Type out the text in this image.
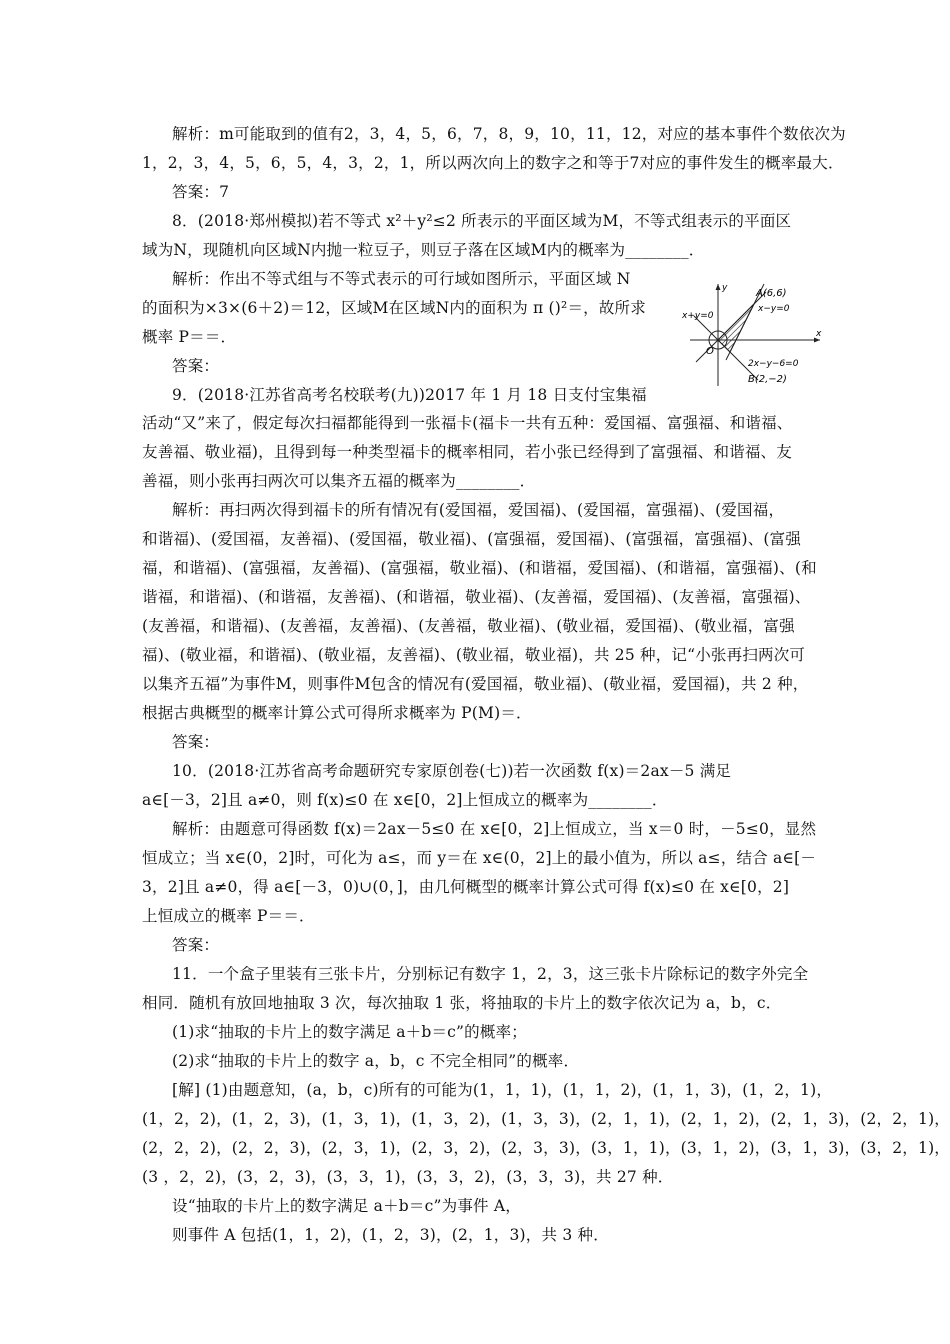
解析：m可能取到的值有2，3，4，5，6，7，8，9，10，11，12，对应的基本事件个数依次为
1，2，3，4，5，6，5，4，3，2，1，所以两次向上的数字之和等于7对应的事件发生的概率最大．
答案：7
8．(2018·郑州模拟)若不等式 x²＋y²≤2 所表示的平面区域为M，不等式组表示的平面区
域为N，现随机向区域N内抛一粒豆子，则豆子落在区域M内的概率为________．
解析：作出不等式组与不等式表示的可行域如图所示，平面区域 N
的面积为×3×(6＋2)＝12，区域M在区域N内的面积为 π ()²＝，故所求
概率 P＝＝．
答案：
9．(2018·江苏省高考名校联考(九))2017 年 1 月 18 日支付宝集福
活动“又”来了，假定每次扫福都能得到一张福卡(福卡一共有五种：爱国福、富强福、和谐福、
友善福、敬业福)，且得到每一种类型福卡的概率相同，若小张已经得到了富强福、和谐福、友
善福，则小张再扫两次可以集齐五福的概率为________．
解析：再扫两次得到福卡的所有情况有(爱国福，爱国福)、(爱国福，富强福)、(爱国福，
和谐福)、(爱国福，友善福)、(爱国福，敬业福)、(富强福，爱国福)、(富强福，富强福)、(富强
福，和谐福)、(富强福，友善福)、(富强福，敬业福)、(和谐福，爱国福)、(和谐福，富强福)、(和
谐福，和谐福)、(和谐福，友善福)、(和谐福，敬业福)、(友善福，爱国福)、(友善福，富强福)、
(友善福，和谐福)、(友善福，友善福)、(友善福，敬业福)、(敬业福，爱国福)、(敬业福，富强
福)、(敬业福，和谐福)、(敬业福，友善福)、(敬业福，敬业福)，共 25 种，记“小张再扫两次可
以集齐五福”为事件M，则事件M包含的情况有(爱国福，敬业福)、(敬业福，爱国福)，共 2 种，
根据古典概型的概率计算公式可得所求概率为 P(M)＝．
答案：
10．(2018·江苏省高考命题研究专家原创卷(七))若一次函数 f(x)＝2ax－5 满足
a∈[－3，2]且 a≠0，则 f(x)≤0 在 x∈[0，2]上恒成立的概率为________．
解析：由题意可得函数 f(x)＝2ax－5≤0 在 x∈[0，2]上恒成立，当 x＝0 时，－5≤0，显然
恒成立；当 x∈(0，2]时，可化为 a≤，而 y＝在 x∈(0，2]上的最小值为，所以 a≤，结合 a∈[－
3，2]且 a≠0，得 a∈[－3，0)∪(0，]，由几何概型的概率计算公式可得 f(x)≤0 在 x∈[0，2]
上恒成立的概率 P＝＝．
答案：
11．一个盒子里装有三张卡片，分别标记有数字 1，2，3，这三张卡片除标记的数字外完全
相同．随机有放回地抽取 3 次，每次抽取 1 张，将抽取的卡片上的数字依次记为 a，b，c．
(1)求“抽取的卡片上的数字满足 a＋b＝c”的概率；
(2)求“抽取的卡片上的数字 a，b，c 不完全相同”的概率．
[解] (1)由题意知，(a，b，c)所有的可能为(1，1，1)，(1，1，2)，(1，1，3)，(1，2，1)，
(1，2，2)，(1，2，3)，(1，3，1)，(1，3，2)，(1，3，3)，(2，1，1)，(2，1，2)，(2，1，3)，(2，2，1)，
(2，2，2)，(2，2，3)，(2，3，1)，(2，3，2)，(2，3，3)，(3，1，1)，(3，1，2)，(3，1，3)，(3，2，1)，
(3 ，2，2)，(3，2，3)，(3，3，1)，(3，3，2)，(3，3，3)，共 27 种．
设“抽取的卡片上的数字满足 a＋b＝c”为事件 A，
则事件 A 包括(1，1，2)，(1，2，3)，(2，1，3)，共 3 种．
A(6,6)
B(2,−2)
x+y=0
x−y=0
2x−y−6=0
x
y
O
